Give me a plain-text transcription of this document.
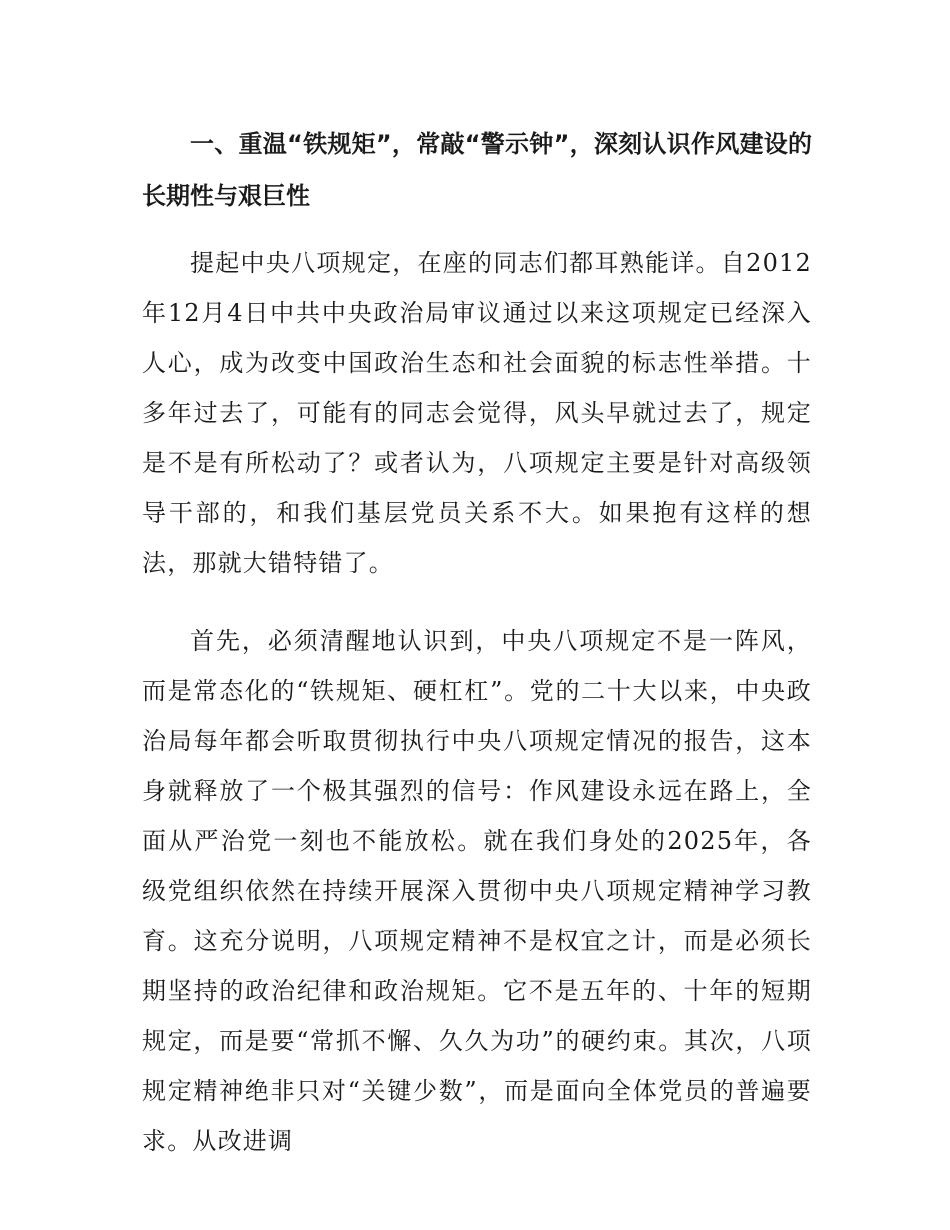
一、重温“铁规矩”，常敲“警示钟”，深刻认识作风建设的长期性与艰巨性
提起中央八项规定，在座的同志们都耳熟能详。自2012年12月4日中共中央政治局审议通过以来这项规定已经深入人心，成为改变中国政治生态和社会面貌的标志性举措。十多年过去了，可能有的同志会觉得，风头早就过去了，规定是不是有所松动了？或者认为，八项规定主要是针对高级领导干部的，和我们基层党员关系不大。如果抱有这样的想法，那就大错特错了。
首先，必须清醒地认识到，中央八项规定不是一阵风，而是常态化的“铁规矩、硬杠杠”。党的二十大以来，中央政治局每年都会听取贯彻执行中央八项规定情况的报告，这本身就释放了一个极其强烈的信号：作风建设永远在路上，全面从严治党一刻也不能放松。就在我们身处的2025年，各级党组织依然在持续开展深入贯彻中央八项规定精神学习教育。这充分说明，八项规定精神不是权宜之计，而是必须长期坚持的政治纪律和政治规矩。它不是五年的、十年的短期规定，而是要“常抓不懈、久久为功”的硬约束。其次，八项规定精神绝非只对“关键少数”，而是面向全体党员的普遍要求。从改进调
